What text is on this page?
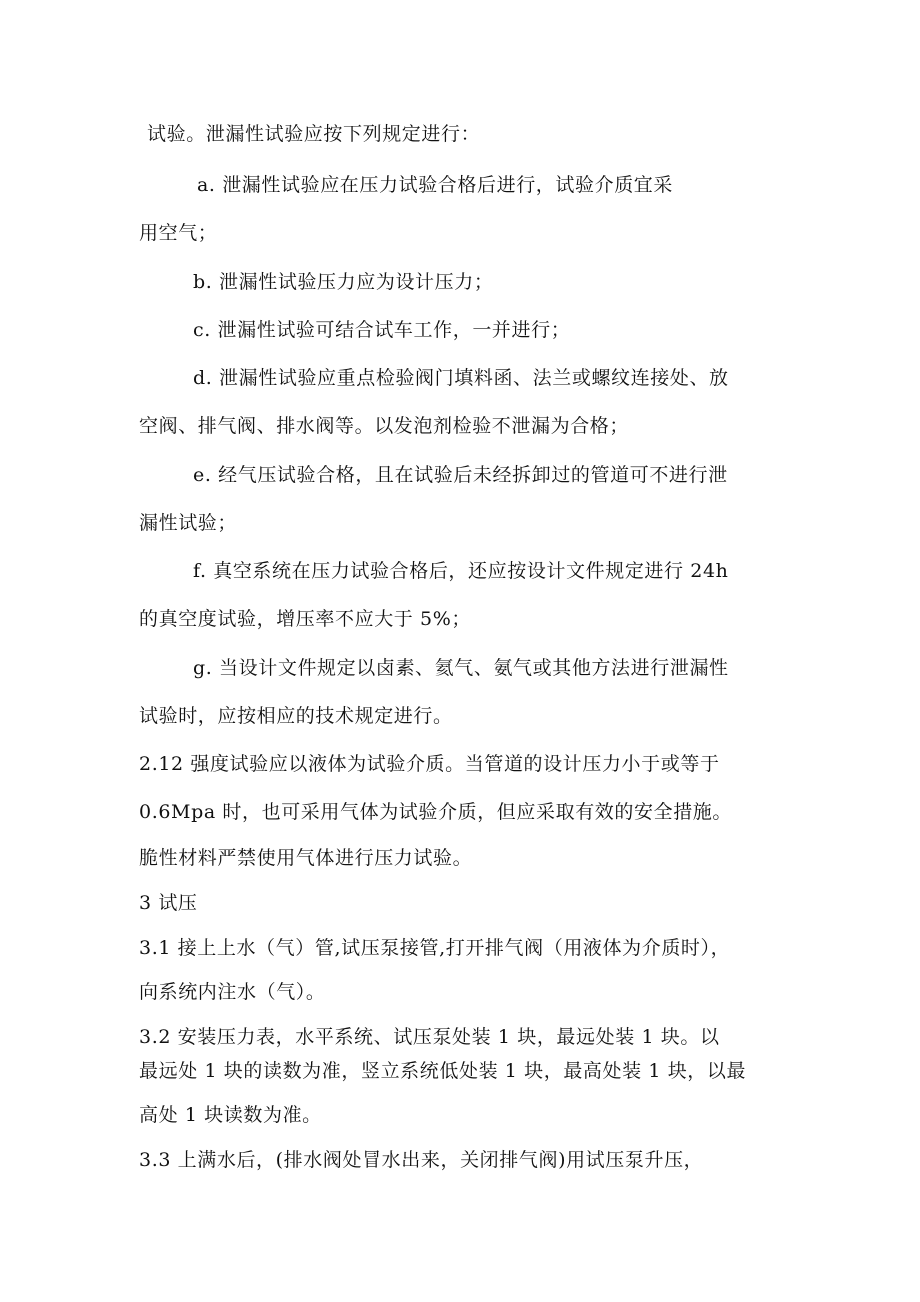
试验。泄漏性试验应按下列规定进行：
a. 泄漏性试验应在压力试验合格后进行，试验介质宜采
用空气；
b. 泄漏性试验压力应为设计压力；
c. 泄漏性试验可结合试车工作，一并进行；
d. 泄漏性试验应重点检验阀门填料函、法兰或螺纹连接处、放
空阀、排气阀、排水阀等。以发泡剂检验不泄漏为合格；
e. 经气压试验合格，且在试验后未经拆卸过的管道可不进行泄
漏性试验；
f. 真空系统在压力试验合格后，还应按设计文件规定进行 24h
的真空度试验，增压率不应大于 5%；
g. 当设计文件规定以卤素、氦气、氨气或其他方法进行泄漏性
试验时，应按相应的技术规定进行。
2.12 强度试验应以液体为试验介质。当管道的设计压力小于或等于
0.6Mpa 时，也可采用气体为试验介质，但应采取有效的安全措施。
脆性材料严禁使用气体进行压力试验。
3 试压
3.1 接上上水（气）管,试压泵接管,打开排气阀（用液体为介质时），
向系统内注水（气）。
3.2 安装压力表，水平系统、试压泵处装 1 块，最远处装 1 块。以
最远处 1 块的读数为准，竖立系统低处装 1 块，最高处装 1 块，以最
高处 1 块读数为准。
3.3 上满水后，(排水阀处冒水出来，关闭排气阀)用试压泵升压，
